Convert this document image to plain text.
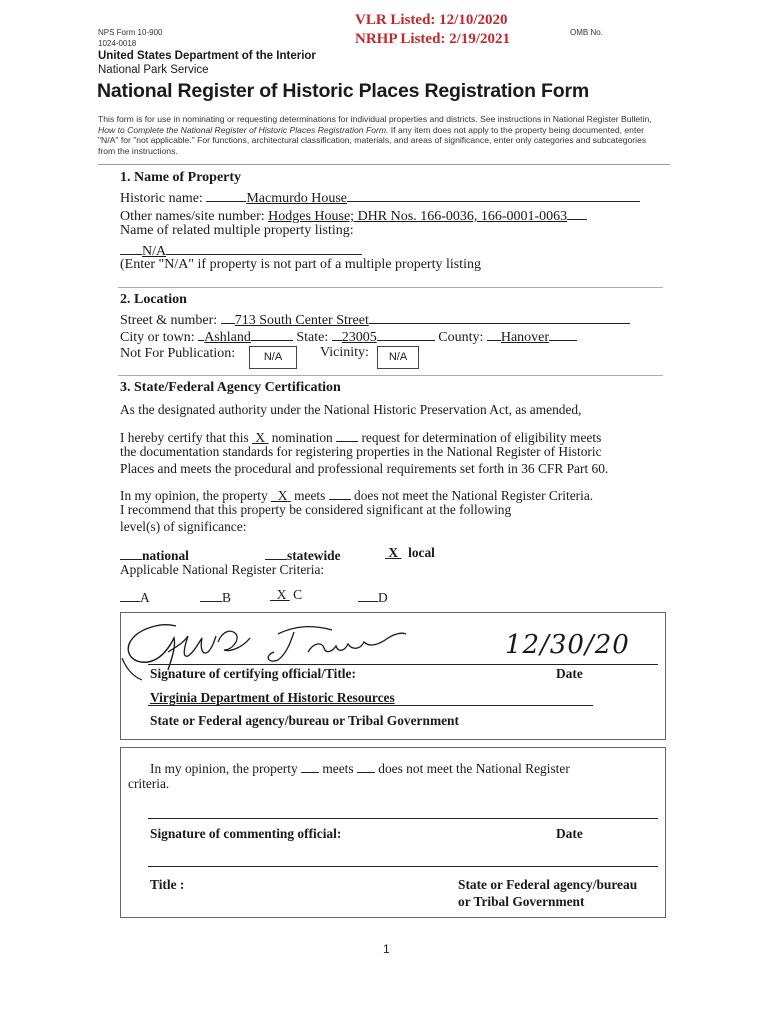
NPS Form 10-900
1024-0018
VLR Listed: 12/10/2020
NRHP Listed: 2/19/2021	OMB No.
United States Department of the Interior
National Park Service
National Register of Historic Places Registration Form
This form is for use in nominating or requesting determinations for individual properties and districts. See instructions in National Register Bulletin,
How to Complete the National Register of Historic Places Registration Form. If any item does not apply to the property being documented, enter
"N/A" for "not applicable." For functions, architectural classification, materials, and areas of significance, enter only categories and subcategories
from the instructions.
1. Name of Property
Historic name:	Macmurdo House
Other names/site number: Hodges House; DHR Nos. 166-0036, 166-0001-0063
Name of related multiple property listing:
N/A
(Enter "N/A" if property is not part of a multiple property listing
2. Location
Street & number: 713 South Center Street
City or town: Ashland	State: 23005	County: Hanover
Not For Publication:	N/A	Vicinity:	N/A
3. State/Federal Agency Certification
As the designated authority under the National Historic Preservation Act, as amended,
I hereby certify that this  X  nomination  request for determination of eligibility meets
the documentation standards for registering properties in the National Register of Historic
Places and meets the procedural and professional requirements set forth in 36 CFR Part 60.
In my opinion, the property   X  meets  does not meet the National Register Criteria.
I recommend that this property be considered significant at the following
level(s) of significance:
national	statewide	X local
Applicable National Register Criteria:
A	B	X C	D
12/30/20
Signature of certifying official/Title:	Date
Virginia Department of Historic Resources
State or Federal agency/bureau or Tribal Government
In my opinion, the property  meets  does not meet the National Register
criteria.
Signature of commenting official:	Date
Title :	State or Federal agency/bureau
or Tribal Government
1
